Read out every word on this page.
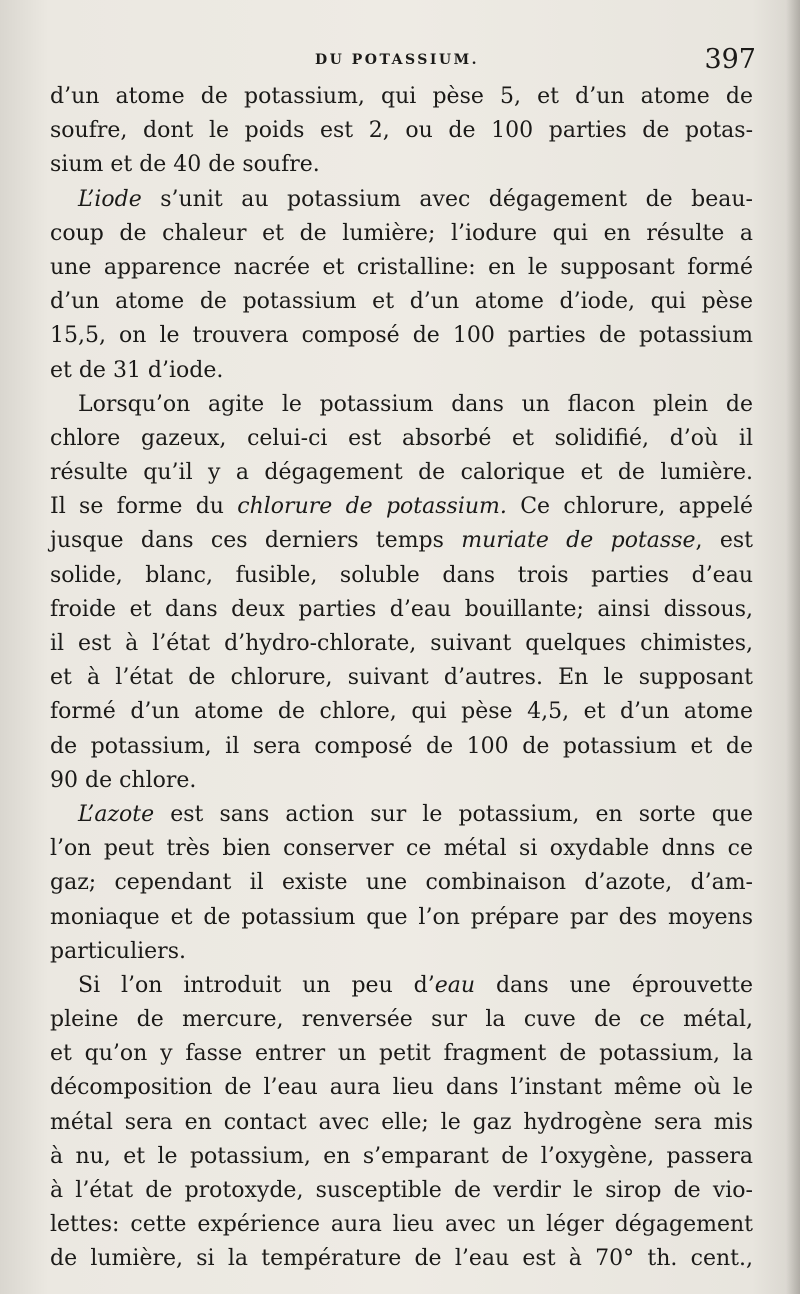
DU POTASSIUM.	397
d’un atome de potassium, qui pèse 5, et d’un atome de
soufre, dont le poids est 2, ou de 100 parties de potas-
sium et de 40 de soufre.
L’iode s’unit au potassium avec dégagement de beau-
coup de chaleur et de lumière; l’iodure qui en résulte a
une apparence nacrée et cristalline: en le supposant formé
d’un atome de potassium et d’un atome d’iode, qui pèse
15,5, on le trouvera composé de 100 parties de potassium
et de 31 d’iode.
Lorsqu’on agite le potassium dans un flacon plein de
chlore gazeux, celui-ci est absorbé et solidifié, d’où il
résulte qu’il y a dégagement de calorique et de lumière.
Il se forme du chlorure de potassium. Ce chlorure, appelé
jusque dans ces derniers temps muriate de potasse, est
solide, blanc, fusible, soluble dans trois parties d’eau
froide et dans deux parties d’eau bouillante; ainsi dissous,
il est à l’état d’hydro-chlorate, suivant quelques chimistes,
et à l’état de chlorure, suivant d’autres. En le supposant
formé d’un atome de chlore, qui pèse 4,5, et d’un atome
de potassium, il sera composé de 100 de potassium et de
90 de chlore.
L’azote est sans action sur le potassium, en sorte que
l’on peut très bien conserver ce métal si oxydable dnns ce
gaz; cependant il existe une combinaison d’azote, d’am-
moniaque et de potassium que l’on prépare par des moyens
particuliers.
Si l’on introduit un peu d’eau dans une éprouvette
pleine de mercure, renversée sur la cuve de ce métal,
et qu’on y fasse entrer un petit fragment de potassium, la
décomposition de l’eau aura lieu dans l’instant même où le
métal sera en contact avec elle; le gaz hydrogène sera mis
à nu, et le potassium, en s’emparant de l’oxygène, passera
à l’état de protoxyde, susceptible de verdir le sirop de vio-
lettes: cette expérience aura lieu avec un léger dégagement
de lumière, si la température de l’eau est à 70° th. cent.,
